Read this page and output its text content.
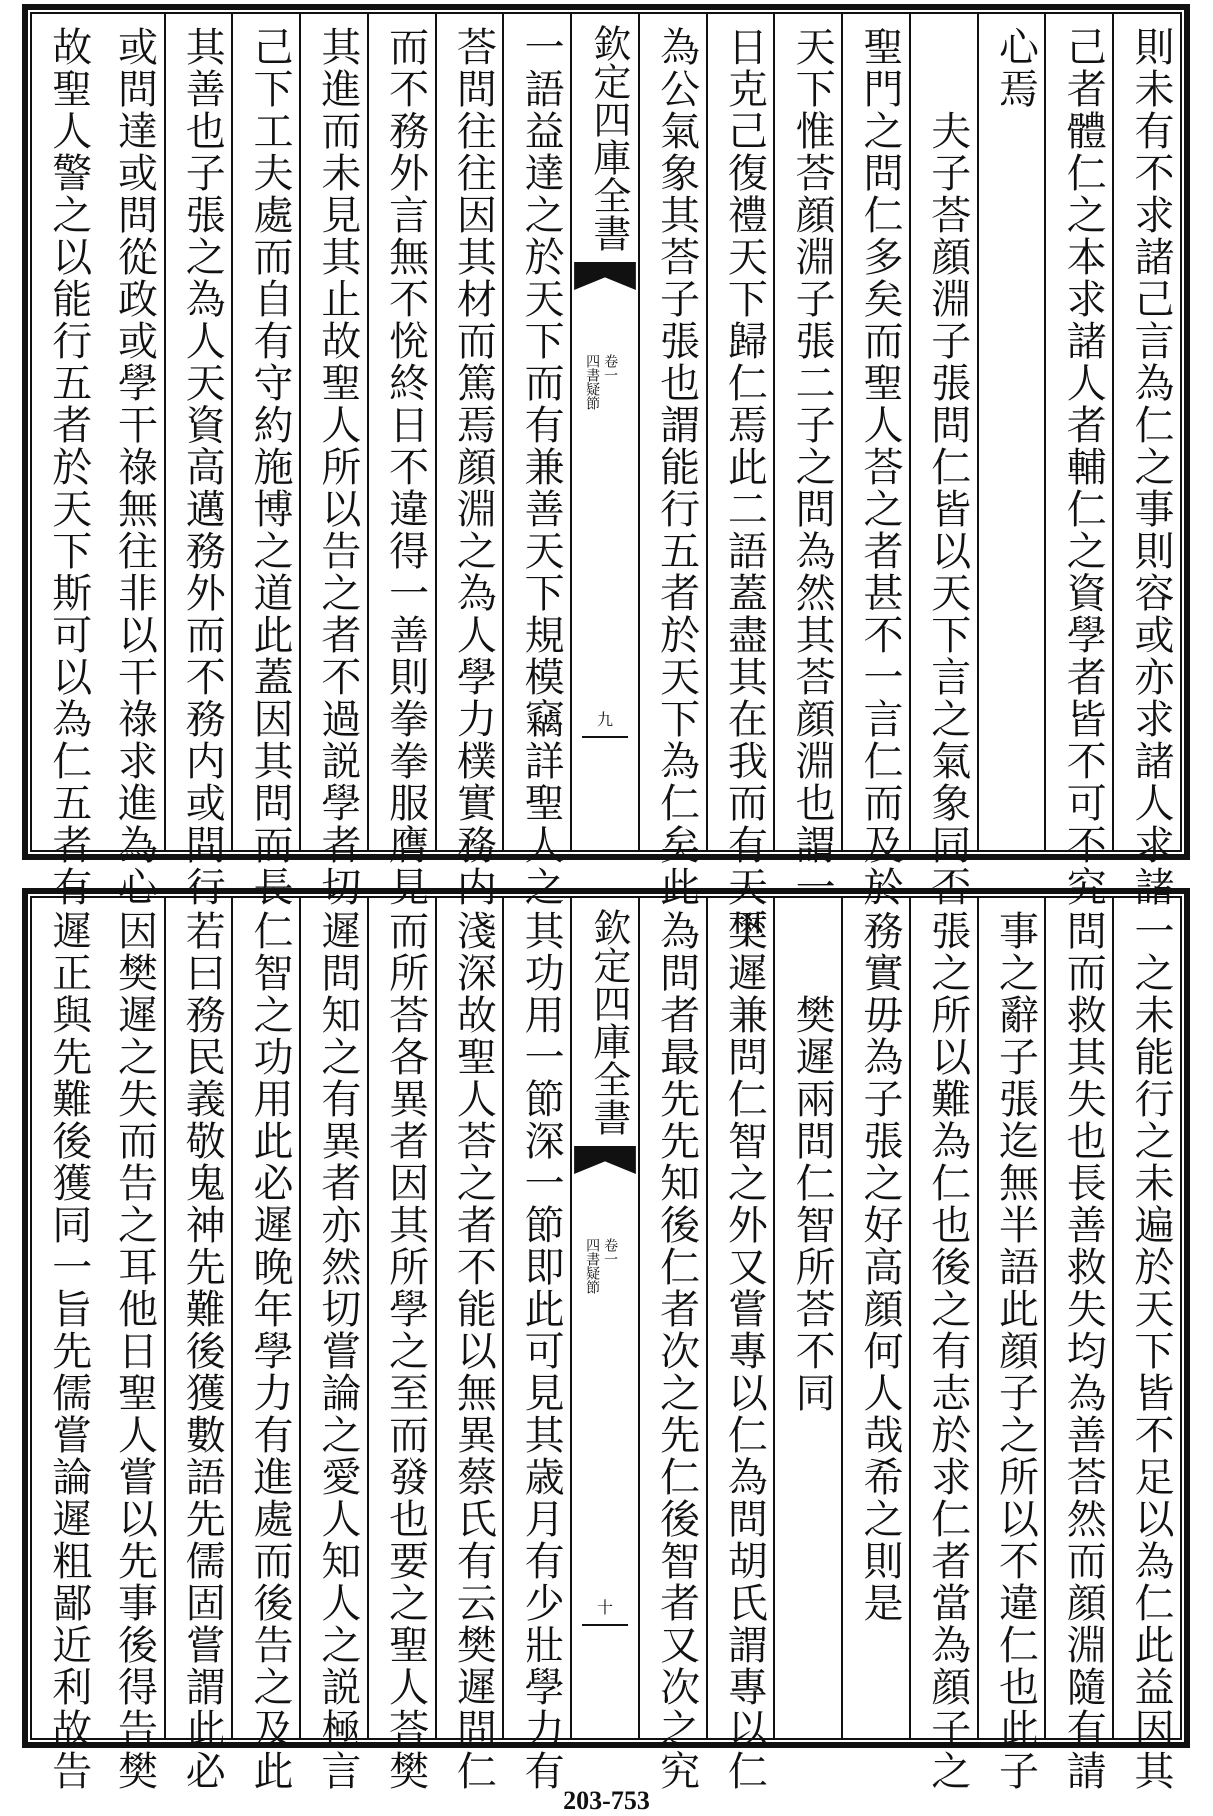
則未有不求諸己言為仁之事則容或亦求諸人求諸
己者體仁之本求諸人者輔仁之資學者皆不可不究
心焉
夫子荅顔淵子張問仁皆以天下言之氣象同否
聖門之問仁多矣而聖人荅之者甚不一言仁而及於
天下惟荅顔淵子張二子之問為然其荅顔淵也謂一
日克己復禮天下歸仁焉此二語蓋盡其在我而有天下
為公氣象其荅子張也謂能行五者於天下為仁矣此
欽定四庫全書
四書疑節 卷一
九
一語益達之於天下而有兼善天下規模竊詳聖人之
荅問往往因其材而篤焉顔淵之為人學力樸實務内
而不務外言無不恱終日不違得一善則拳拳服膺見
其進而未見其止故聖人所以告之者不過説學者切
己下工夫處而自有守約施博之道此蓋因其問而長
其善也子張之為人天資高邁務外而不務内或問行
或問達或問從政或學干祿無往非以干祿求進為心
故聖人警之以能行五者於天下斯可以為仁五者有
一之未能行之未遍於天下皆不足以為仁此益因其
問而救其失也長善救失均為善荅然而顔淵隨有請
事之辭子張迄無半語此顔子之所以不違仁也此子
張之所以難為仁也後之有志於求仁者當為顔子之
務實毋為子張之好高顔何人哉希之則是
樊遲兩問仁智所荅不同
樊遲兼問仁智之外又嘗專以仁為問胡氏謂專以仁
為問者最先先知後仁者次之先仁後智者又次之究
欽定四庫全書
四書疑節 卷一
十
其功用一節深一節即此可見其歳月有少壯學力有
淺深故聖人荅之者不能以無異蔡氏有云樊遲問仁
而所荅各異者因其所學之至而發也要之聖人荅樊
遲問知之有異者亦然切嘗論之愛人知人之説極言
仁智之功用此必遲晚年學力有進處而後告之及此
若曰務民義敬鬼神先難後獲數語先儒固嘗謂此必
因樊遲之失而告之耳他日聖人嘗以先事後得告樊
遲正與先難後獲同一旨先儒嘗論遲粗鄙近利故告
203-753
